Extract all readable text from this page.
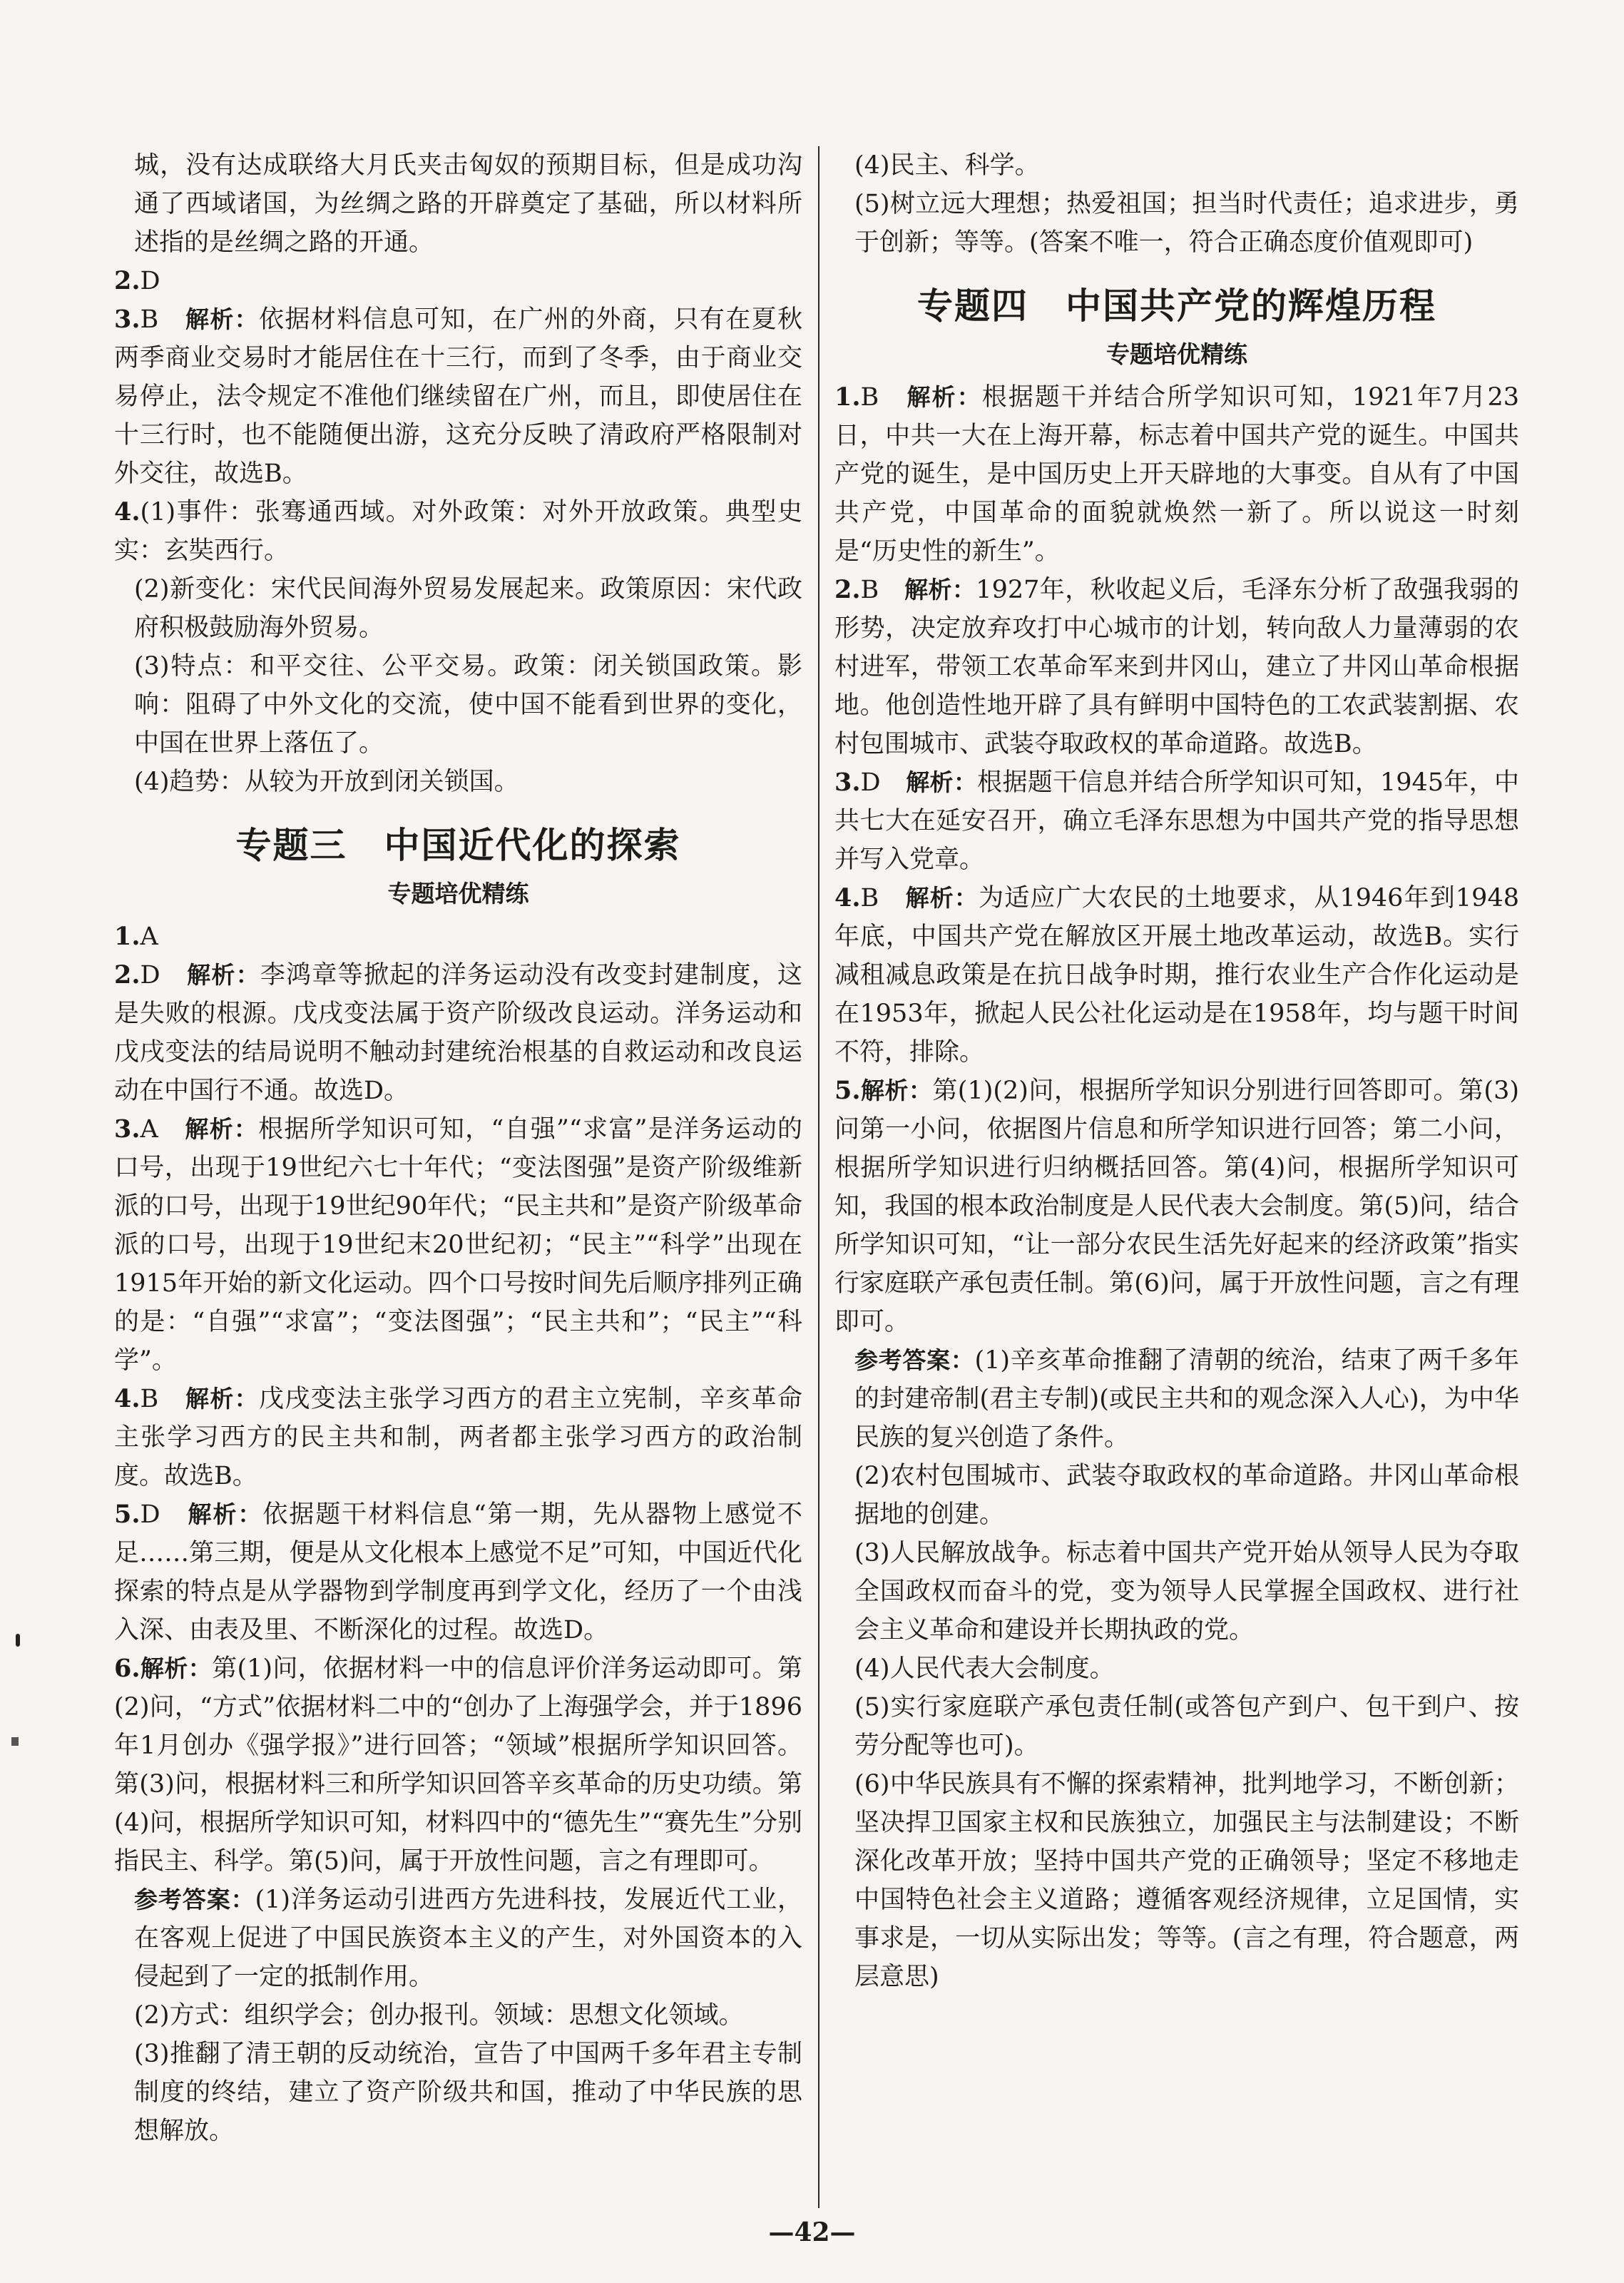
城，没有达成联络大月氏夹击匈奴的预期目标，但是成功沟通了西域诸国，为丝绸之路的开辟奠定了基础，所以材料所述指的是丝绸之路的开通。

2.D

3.B　 解析：依据材料信息可知，在广州的外商，只有在夏秋两季商业交易时才能居住在十三行，而到了冬季，由于商业交易停止，法令规定不准他们继续留在广州，而且，即使居住在十三行时，也不能随便出游，这充分反映了清政府严格限制对外交往，故选B。

4.(1)事件：张骞通西域。对外政策：对外开放政策。典型史实：玄奘西行。

(2)新变化：宋代民间海外贸易发展起来。政策原因：宋代政府积极鼓励海外贸易。

(3)特点：和平交往、公平交易。政策：闭关锁国政策。影响：阻碍了中外文化的交流，使中国不能看到世界的变化，中国在世界上落伍了。

(4)趋势：从较为开放到闭关锁国。

专题三　中国近代化的探索
专题培优精练

1.A

2.D　 解析：李鸿章等掀起的洋务运动没有改变封建制度，这是失败的根源。戊戌变法属于资产阶级改良运动。洋务运动和戊戌变法的结局说明不触动封建统治根基的自救运动和改良运动在中国行不通。故选D。

3.A　 解析：根据所学知识可知，“自强”“求富”是洋务运动的口号，出现于19世纪六七十年代；“变法图强”是资产阶级维新派的口号，出现于19世纪90年代；“民主共和”是资产阶级革命派的口号，出现于19世纪末20世纪初；“民主”“科学”出现在1915年开始的新文化运动。四个口号按时间先后顺序排列正确的是：“自强”“求富”；“变法图强”；“民主共和”；“民主”“科学”。

4.B　 解析：戊戌变法主张学习西方的君主立宪制，辛亥革命主张学习西方的民主共和制，两者都主张学习西方的政治制度。故选B。

5.D　 解析：依据题干材料信息“第一期，先从器物上感觉不足……第三期，便是从文化根本上感觉不足”可知，中国近代化探索的特点是从学器物到学制度再到学文化，经历了一个由浅入深、由表及里、不断深化的过程。故选D。

6.解析：第(1)问，依据材料一中的信息评价洋务运动即可。第(2)问，“方式”依据材料二中的“创办了上海强学会，并于1896年1月创办《强学报》”进行回答；“领域”根据所学知识回答。第(3)问，根据材料三和所学知识回答辛亥革命的历史功绩。第(4)问，根据所学知识可知，材料四中的“德先生”“赛先生”分别指民主、科学。第(5)问，属于开放性问题，言之有理即可。

参考答案：(1)洋务运动引进西方先进科技，发展近代工业，在客观上促进了中国民族资本主义的产生，对外国资本的入侵起到了一定的抵制作用。

(2)方式：组织学会；创办报刊。领域：思想文化领域。

(3)推翻了清王朝的反动统治，宣告了中国两千多年君主专制制度的终结，建立了资产阶级共和国，推动了中华民族的思想解放。

(4)民主、科学。

(5)树立远大理想；热爱祖国；担当时代责任；追求进步，勇于创新；等等。(答案不唯一，符合正确态度价值观即可)

专题四　中国共产党的辉煌历程
专题培优精练

1.B　 解析：根据题干并结合所学知识可知，1921年7月23日，中共一大在上海开幕，标志着中国共产党的诞生。中国共产党的诞生，是中国历史上开天辟地的大事变。自从有了中国共产党，中国革命的面貌就焕然一新了。所以说这一时刻是“历史性的新生”。

2.B　 解析：1927年，秋收起义后，毛泽东分析了敌强我弱的形势，决定放弃攻打中心城市的计划，转向敌人力量薄弱的农村进军，带领工农革命军来到井冈山，建立了井冈山革命根据地。他创造性地开辟了具有鲜明中国特色的工农武装割据、农村包围城市、武装夺取政权的革命道路。故选B。

3.D　 解析：根据题干信息并结合所学知识可知，1945年，中共七大在延安召开，确立毛泽东思想为中国共产党的指导思想并写入党章。

4.B　 解析：为适应广大农民的土地要求，从1946年到1948年底，中国共产党在解放区开展土地改革运动，故选B。实行减租减息政策是在抗日战争时期，推行农业生产合作化运动是在1953年，掀起人民公社化运动是在1958年，均与题干时间不符，排除。

5.解析：第(1)(2)问，根据所学知识分别进行回答即可。第(3)问第一小问，依据图片信息和所学知识进行回答；第二小问，根据所学知识进行归纳概括回答。第(4)问，根据所学知识可知，我国的根本政治制度是人民代表大会制度。第(5)问，结合所学知识可知，“让一部分农民生活先好起来的经济政策”指实行家庭联产承包责任制。第(6)问，属于开放性问题，言之有理即可。

参考答案：(1)辛亥革命推翻了清朝的统治，结束了两千多年的封建帝制(君主专制)(或民主共和的观念深入人心)，为中华民族的复兴创造了条件。

(2)农村包围城市、武装夺取政权的革命道路。井冈山革命根据地的创建。

(3)人民解放战争。标志着中国共产党开始从领导人民为夺取全国政权而奋斗的党，变为领导人民掌握全国政权、进行社会主义革命和建设并长期执政的党。

(4)人民代表大会制度。

(5)实行家庭联产承包责任制(或答包产到户、包干到户、按劳分配等也可)。

(6)中华民族具有不懈的探索精神，批判地学习，不断创新；坚决捍卫国家主权和民族独立，加强民主与法制建设；不断深化改革开放；坚持中国共产党的正确领导；坚定不移地走中国特色社会主义道路；遵循客观经济规律，立足国情，实事求是，一切从实际出发；等等。(言之有理，符合题意，两层意思)

—42—
